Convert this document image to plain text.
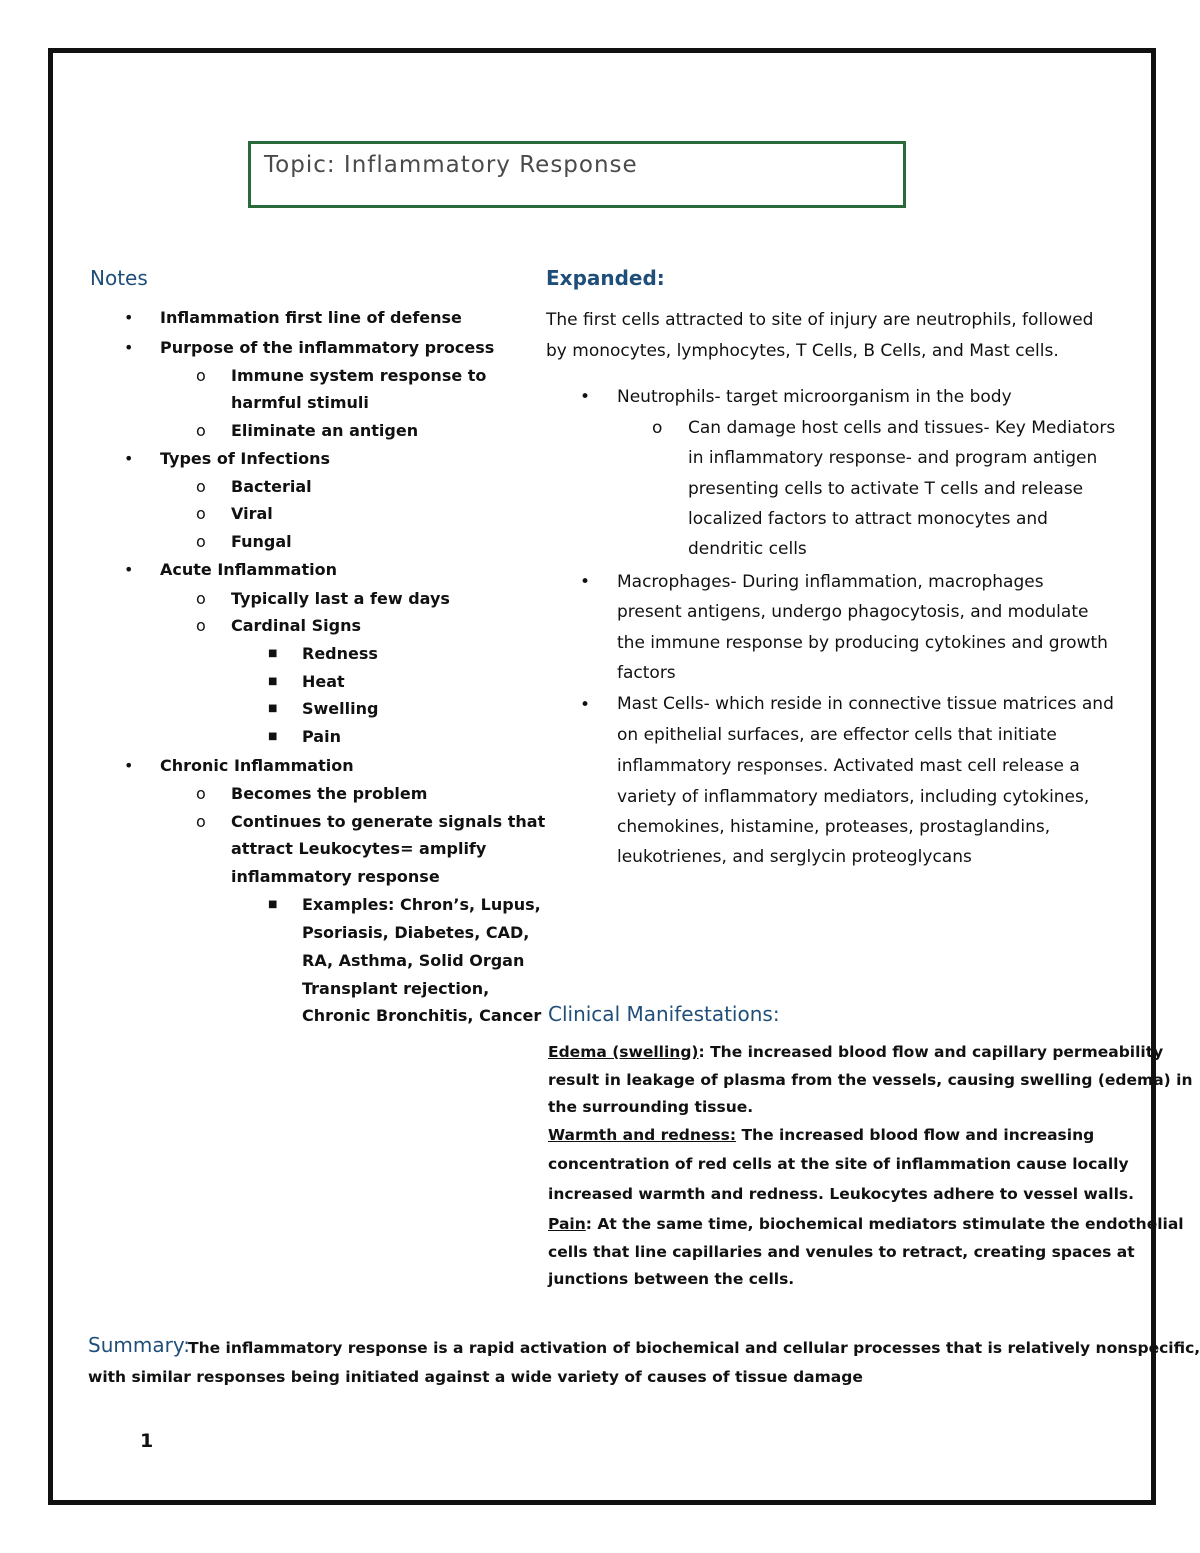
Topic: Inflammatory Response
Notes
• Inflammation first line of defense
• Purpose of the inflammatory process
o Immune system response to
harmful stimuli
o Eliminate an antigen
• Types of Infections
o Bacterial
o Viral
o Fungal
• Acute Inflammation
o Typically last a few days
o Cardinal Signs
■ Redness
■ Heat
■ Swelling
■ Pain
• Chronic Inflammation
o Becomes the problem
o Continues to generate signals that
attract Leukocytes= amplify
inflammatory response
■ Examples: Chron’s, Lupus,
Psoriasis, Diabetes, CAD,
RA, Asthma, Solid Organ
Transplant rejection,
Chronic Bronchitis, Cancer
Expanded:
The first cells attracted to site of injury are neutrophils, followed
by monocytes, lymphocytes, T Cells, B Cells, and Mast cells.
• Neutrophils- target microorganism in the body
o Can damage host cells and tissues- Key Mediators
in inflammatory response- and program antigen
presenting cells to activate T cells and release
localized factors to attract monocytes and
dendritic cells
• Macrophages- During inflammation, macrophages
present antigens, undergo phagocytosis, and modulate
the immune response by producing cytokines and growth
factors
• Mast Cells- which reside in connective tissue matrices and
on epithelial surfaces, are effector cells that initiate
inflammatory responses. Activated mast cell release a
variety of inflammatory mediators, including cytokines,
chemokines, histamine, proteases, prostaglandins,
leukotrienes, and serglycin proteoglycans
Clinical Manifestations:
Edema (swelling): The increased blood flow and capillary permeability
result in leakage of plasma from the vessels, causing swelling (edema) in
the surrounding tissue.
Warmth and redness: The increased blood flow and increasing
concentration of red cells at the site of inflammation cause locally
increased warmth and redness. Leukocytes adhere to vessel walls.
Pain: At the same time, biochemical mediators stimulate the endothelial
cells that line capillaries and venules to retract, creating spaces at
junctions between the cells.
Summary:
The inflammatory response is a rapid activation of biochemical and cellular processes that is relatively nonspecific,
with similar responses being initiated against a wide variety of causes of tissue damage
1
